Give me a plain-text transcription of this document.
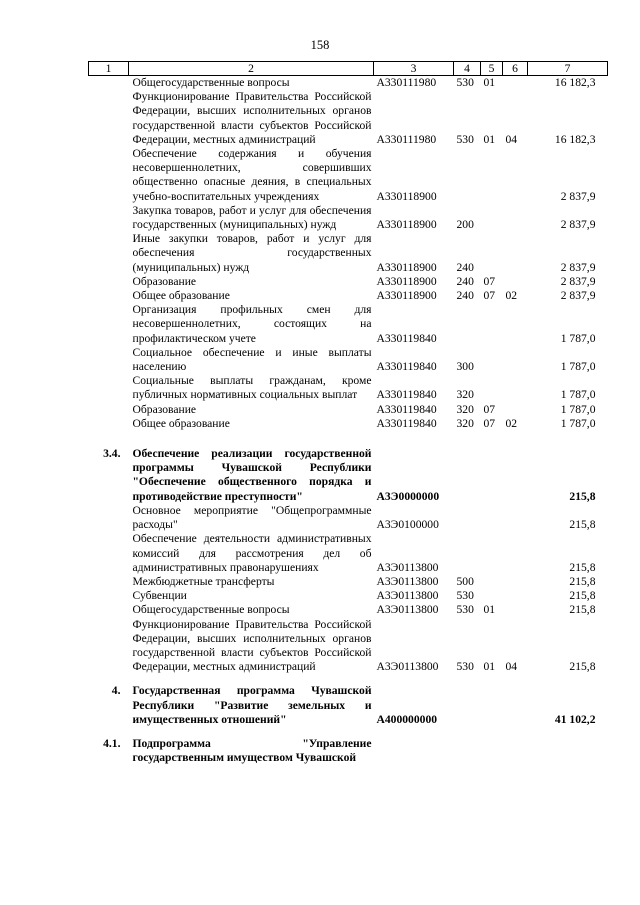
158
1	2	3	4	5	6	7
	Общегосударственные вопросы	А330111980	530	01		16 182,3
	Функционирование Правительства Российской Федерации, высших исполнительных органов государственной власти субъектов Российской Федерации, местных администраций	А330111980	530	01	04	16 182,3
	Обеспечение содержания и обучения несовершеннолетних, совершивших общественно опасные деяния, в специальных учебно-воспитательных учреждениях	А330118900				2 837,9
	Закупка товаров, работ и услуг для обеспечения государственных (муниципальных) нужд	А330118900	200			2 837,9
	Иные закупки товаров, работ и услуг для обеспечения государственных (муниципальных) нужд	А330118900	240			2 837,9
	Образование	А330118900	240	07		2 837,9
	Общее образование	А330118900	240	07	02	2 837,9
	Организация профильных смен для несовершеннолетних, состоящих на профилактическом учете	А330119840				1 787,0
	Социальное обеспечение и иные выплаты населению	А330119840	300			1 787,0
	Социальные выплаты гражданам, кроме публичных нормативных социальных выплат	А330119840	320			1 787,0
	Образование	А330119840	320	07		1 787,0
	Общее образование	А330119840	320	07	02	1 787,0

3.4.	Обеспечение реализации государственной программы Чувашской Республики "Обеспечение общественного порядка и противодействие преступности"	А3Э0000000				215,8
	Основное мероприятие "Общепрограммные расходы"	А3Э0100000				215,8
	Обеспечение деятельности административных комиссий для рассмотрения дел об административных правонарушениях	А3Э0113800				215,8
	Межбюджетные трансферты	А3Э0113800	500			215,8
	Субвенции	А3Э0113800	530			215,8
	Общегосударственные вопросы	А3Э0113800	530	01		215,8
	Функционирование Правительства Российской Федерации, высших исполнительных органов государственной власти субъектов Российской Федерации, местных администраций	А3Э0113800	530	01	04	215,8

4.	Государственная программа Чувашской Республики "Развитие земельных и имущественных отношений"	А400000000				41 102,2

4.1.	Подпрограмма "Управление государственным имуществом Чувашской					
